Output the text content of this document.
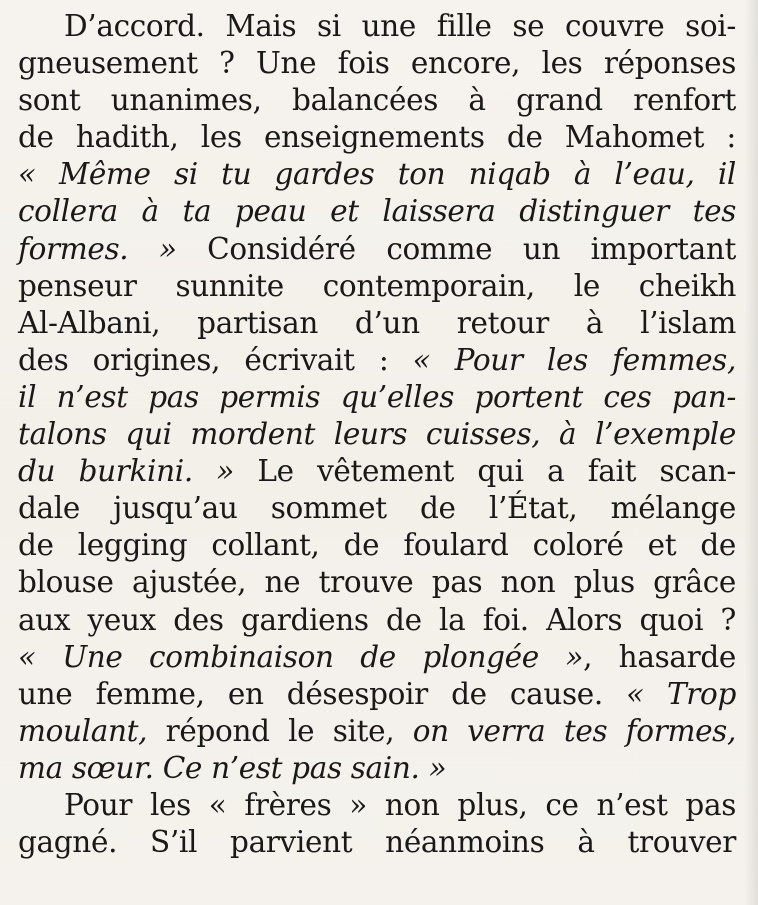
D’accord. Mais si une fille se couvre soi-
gneusement ? Une fois encore, les réponses
sont unanimes, balancées à grand renfort
de hadith, les enseignements de Mahomet :
« Même si tu gardes ton niqab à l’eau, il
collera à ta peau et laissera distinguer tes
formes. » Considéré comme un important
penseur sunnite contemporain, le cheikh
Al-Albani, partisan d’un retour à l’islam
des origines, écrivait : « Pour les femmes,
il n’est pas permis qu’elles portent ces pan-
talons qui mordent leurs cuisses, à l’exemple
du burkini. » Le vêtement qui a fait scan-
dale jusqu’au sommet de l’État, mélange
de legging collant, de foulard coloré et de
blouse ajustée, ne trouve pas non plus grâce
aux yeux des gardiens de la foi. Alors quoi ?
« Une combinaison de plongée », hasarde
une femme, en désespoir de cause. « Trop
moulant, répond le site, on verra tes formes,
ma sœur. Ce n’est pas sain. »
Pour les « frères » non plus, ce n’est pas
gagné. S’il parvient néanmoins à trouver
